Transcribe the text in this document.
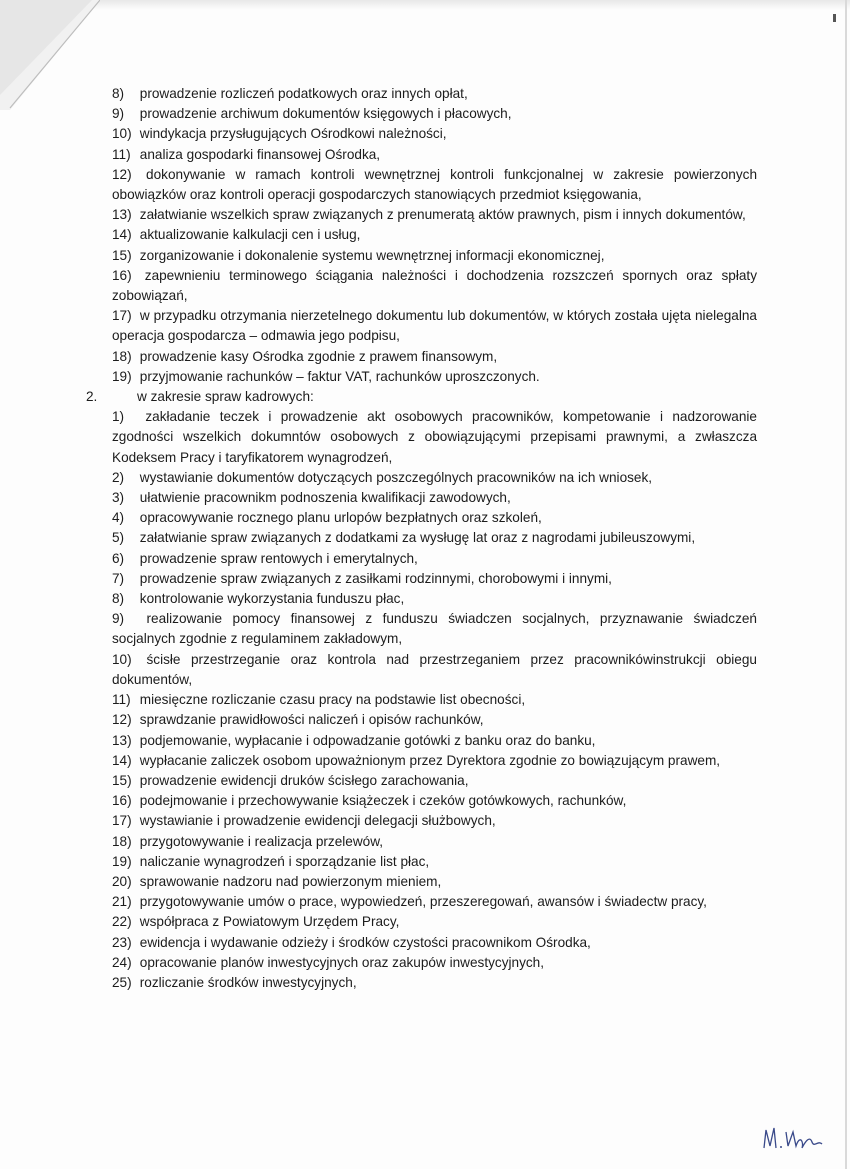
8) prowadzenie rozliczeń podatkowych oraz innych opłat,

9) prowadzenie archiwum dokumentów księgowych i płacowych,

10) windykacja przysługujących Ośrodkowi należności,

11) analiza gospodarki finansowej Ośrodka,

12) dokonywanie w ramach kontroli wewnętrznej kontroli funkcjonalnej w zakresie powierzonych obowiązków oraz kontroli operacji gospodarczych stanowiących przedmiot księgowania,

13) załatwianie wszelkich spraw związanych z prenumeratą aktów prawnych, pism i innych dokumentów,

14) aktualizowanie kalkulacji cen i usług,

15) zorganizowanie i dokonalenie systemu wewnętrznej informacji ekonomicznej,

16) zapewnieniu terminowego ściągania należności i dochodzenia rozszczeń spornych oraz spłaty zobowiązań,

17) w przypadku otrzymania nierzetelnego dokumentu lub dokumentów, w których została ujęta nielegalna operacja gospodarcza – odmawia jego podpisu,

18) prowadzenie kasy Ośrodka zgodnie z prawem finansowym,

19) przyjmowanie rachunków – faktur VAT, rachunków uproszczonych.

2.	w zakresie spraw kadrowych:

1) zakładanie teczek i prowadzenie akt osobowych pracowników, kompetowanie i nadzorowanie zgodności wszelkich dokumntów osobowych z obowiązującymi przepisami prawnymi, a zwłaszcza Kodeksem Pracy i taryfikatorem wynagrodzeń,

2) wystawianie dokumentów dotyczących poszczególnych pracowników na ich wniosek,

3) ułatwienie pracownikm podnoszenia kwalifikacji zawodowych,

4) opracowywanie rocznego planu urlopów bezpłatnych oraz szkoleń,

5) załatwianie spraw związanych z dodatkami za wysługę lat oraz z nagrodami jubileuszowymi,

6) prowadzenie spraw rentowych i emerytalnych,

7) prowadzenie spraw związanych z zasiłkami rodzinnymi, chorobowymi i innymi,

8) kontrolowanie wykorzystania funduszu płac,

9) realizowanie pomocy finansowej z funduszu świadczen socjalnych, przyznawanie świadczeń socjalnych zgodnie z regulaminem zakładowym,

10) ścisłe przestrzeganie oraz kontrola nad przestrzeganiem przez pracownikówinstrukcji obiegu dokumentów,

11) miesięczne rozliczanie czasu pracy na podstawie list obecności,

12) sprawdzanie prawidłowości naliczeń i opisów rachunków,

13) podjemowanie, wypłacanie i odpowadzanie gotówki z banku oraz do banku,

14) wypłacanie zaliczek osobom upoważnionym przez Dyrektora zgodnie zo bowiązującym prawem,

15) prowadzenie ewidencji druków ścisłego zarachowania,

16) podejmowanie i przechowywanie książeczek i czeków gotówkowych, rachunków,

17) wystawianie i prowadzenie ewidencji delegacji służbowych,

18) przygotowywanie i realizacja przelewów,

19) naliczanie wynagrodzeń i sporządzanie list płac,

20) sprawowanie nadzoru nad powierzonym mieniem,

21) przygotowywanie umów o prace, wypowiedzeń, przeszeregowań, awansów i świadectw pracy,

22) współpraca z Powiatowym Urzędem Pracy,

23) ewidencja i wydawanie odzieży i środków czystości pracownikom Ośrodka,

24) opracowanie planów inwestycyjnych oraz zakupów inwestycyjnych,

25) rozliczanie środków inwestycyjnych,
